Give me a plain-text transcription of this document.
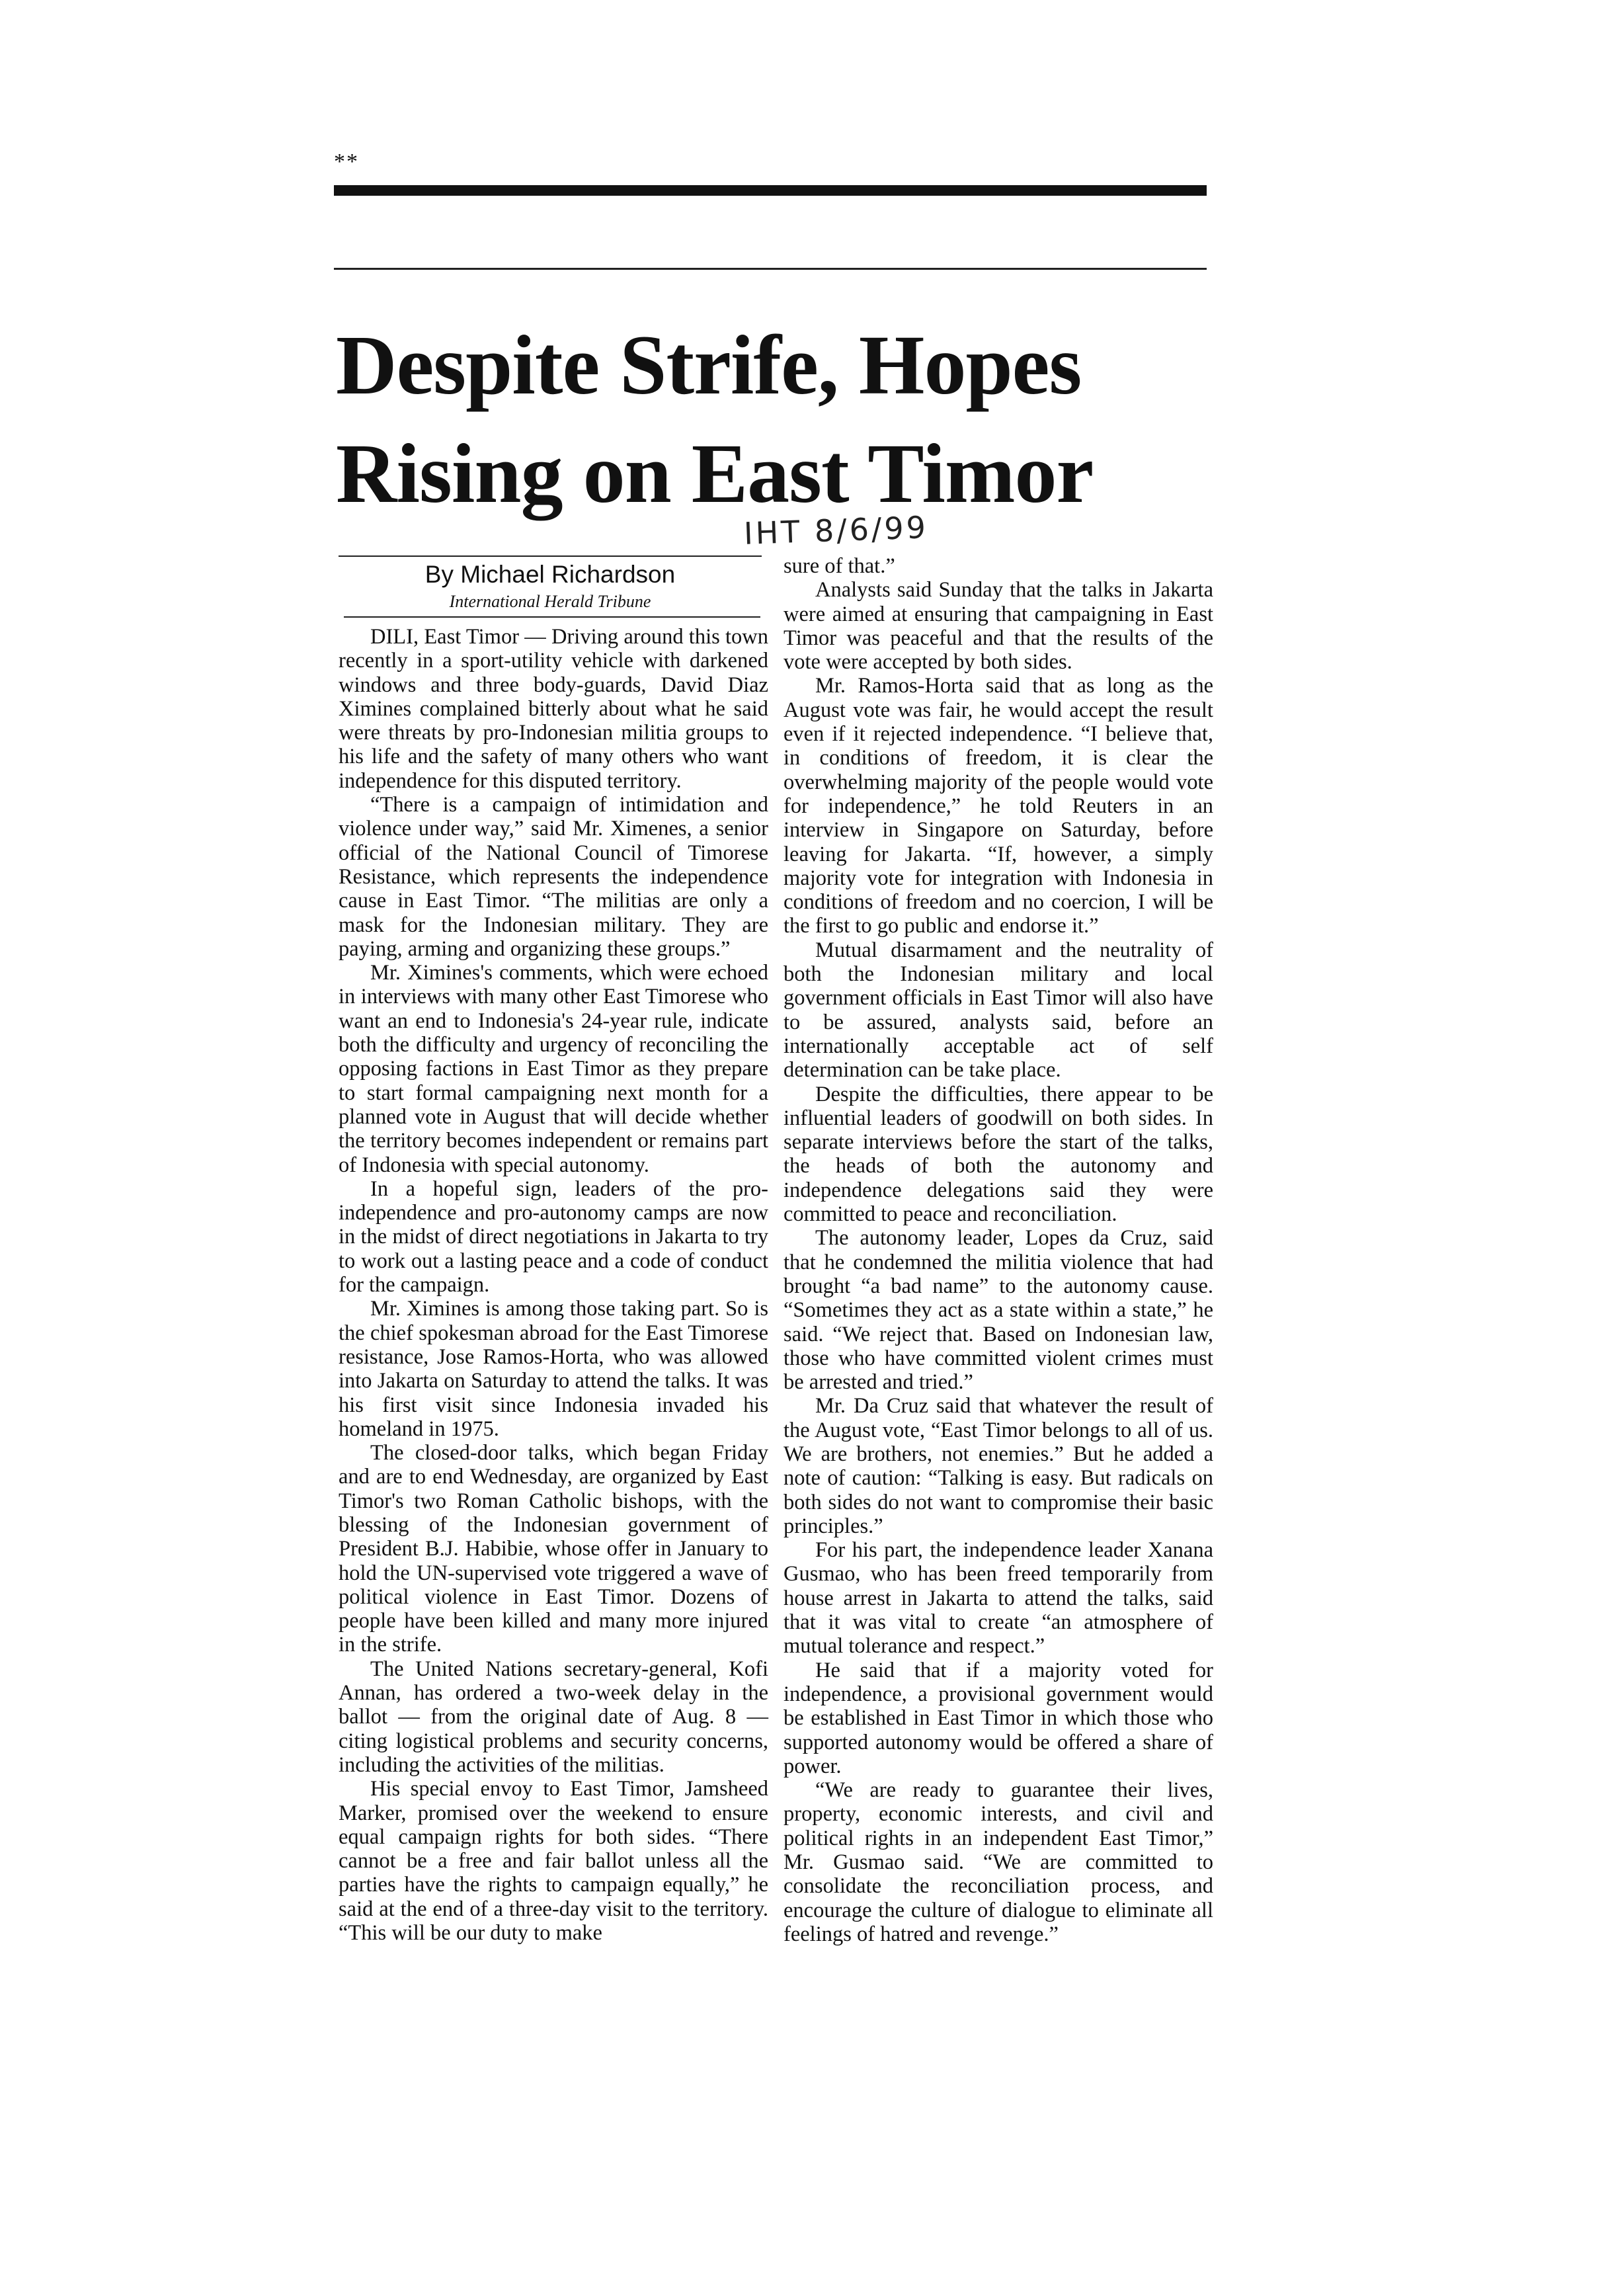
**
Despite Strife, Hopes
Rising on East Timor
IHT 8/6/99

By Michael Richardson

International Herald Tribune

DILI, East Timor — Driving around this town recently in a sport-utility vehicle with darkened windows and three body-guards, David Diaz Ximines complained bitterly about what he said were threats by pro-Indonesian militia groups to his life and the safety of many others who want independence for this disputed territory.

“There is a campaign of intimidation and violence under way,” said Mr. Ximenes, a senior official of the National Council of Timorese Resistance, which represents the independence cause in East Timor. “The militias are only a mask for the Indonesian military. They are paying, arming and organizing these groups.”

Mr. Ximines's comments, which were echoed in interviews with many other East Timorese who want an end to Indonesia's 24-year rule, indicate both the difficulty and urgency of reconciling the opposing factions in East Timor as they prepare to start formal campaigning next month for a planned vote in August that will decide whether the territory becomes independent or remains part of Indonesia with special autonomy.

In a hopeful sign, leaders of the pro-independence and pro-autonomy camps are now in the midst of direct negotiations in Jakarta to try to work out a lasting peace and a code of conduct for the campaign.

Mr. Ximines is among those taking part. So is the chief spokesman abroad for the East Timorese resistance, Jose Ramos-Horta, who was allowed into Jakarta on Saturday to attend the talks. It was his first visit since Indonesia invaded his homeland in 1975.

The closed-door talks, which began Friday and are to end Wednesday, are organized by East Timor's two Roman Catholic bishops, with the blessing of the Indonesian government of President B.J. Habibie, whose offer in January to hold the UN-supervised vote triggered a wave of political violence in East Timor. Dozens of people have been killed and many more injured in the strife.

The United Nations secretary-general, Kofi Annan, has ordered a two-week delay in the ballot — from the original date of Aug. 8 — citing logistical problems and security concerns, including the activities of the militias.

His special envoy to East Timor, Jamsheed Marker, promised over the weekend to ensure equal campaign rights for both sides. “There cannot be a free and fair ballot unless all the parties have the rights to campaign equally,” he said at the end of a three-day visit to the territory. “This will be our duty to make

sure of that.”

Analysts said Sunday that the talks in Jakarta were aimed at ensuring that campaigning in East Timor was peaceful and that the results of the vote were accepted by both sides.

Mr. Ramos-Horta said that as long as the August vote was fair, he would accept the result even if it rejected independence. “I believe that, in conditions of freedom, it is clear the overwhelming majority of the people would vote for independence,” he told Reuters in an interview in Singapore on Saturday, before leaving for Jakarta. “If, however, a simply majority vote for integration with Indonesia in conditions of freedom and no coercion, I will be the first to go public and endorse it.”

Mutual disarmament and the neutrality of both the Indonesian military and local government officials in East Timor will also have to be assured, analysts said, before an internationally acceptable act of self determination can be take place.

Despite the difficulties, there appear to be influential leaders of goodwill on both sides. In separate interviews before the start of the talks, the heads of both the autonomy and independence delegations said they were committed to peace and reconciliation.

The autonomy leader, Lopes da Cruz, said that he condemned the militia violence that had brought “a bad name” to the autonomy cause. “Sometimes they act as a state within a state,” he said. “We reject that. Based on Indonesian law, those who have committed violent crimes must be arrested and tried.”

Mr. Da Cruz said that whatever the result of the August vote, “East Timor belongs to all of us. We are brothers, not enemies.” But he added a note of caution: “Talking is easy. But radicals on both sides do not want to compromise their basic principles.”

For his part, the independence leader Xanana Gusmao, who has been freed temporarily from house arrest in Jakarta to attend the talks, said that it was vital to create “an atmosphere of mutual tolerance and respect.”

He said that if a majority voted for independence, a provisional government would be established in East Timor in which those who supported autonomy would be offered a share of power.

“We are ready to guarantee their lives, property, economic interests, and civil and political rights in an independent East Timor,” Mr. Gusmao said. “We are committed to consolidate the reconciliation process, and encourage the culture of dialogue to eliminate all feelings of hatred and revenge.”
